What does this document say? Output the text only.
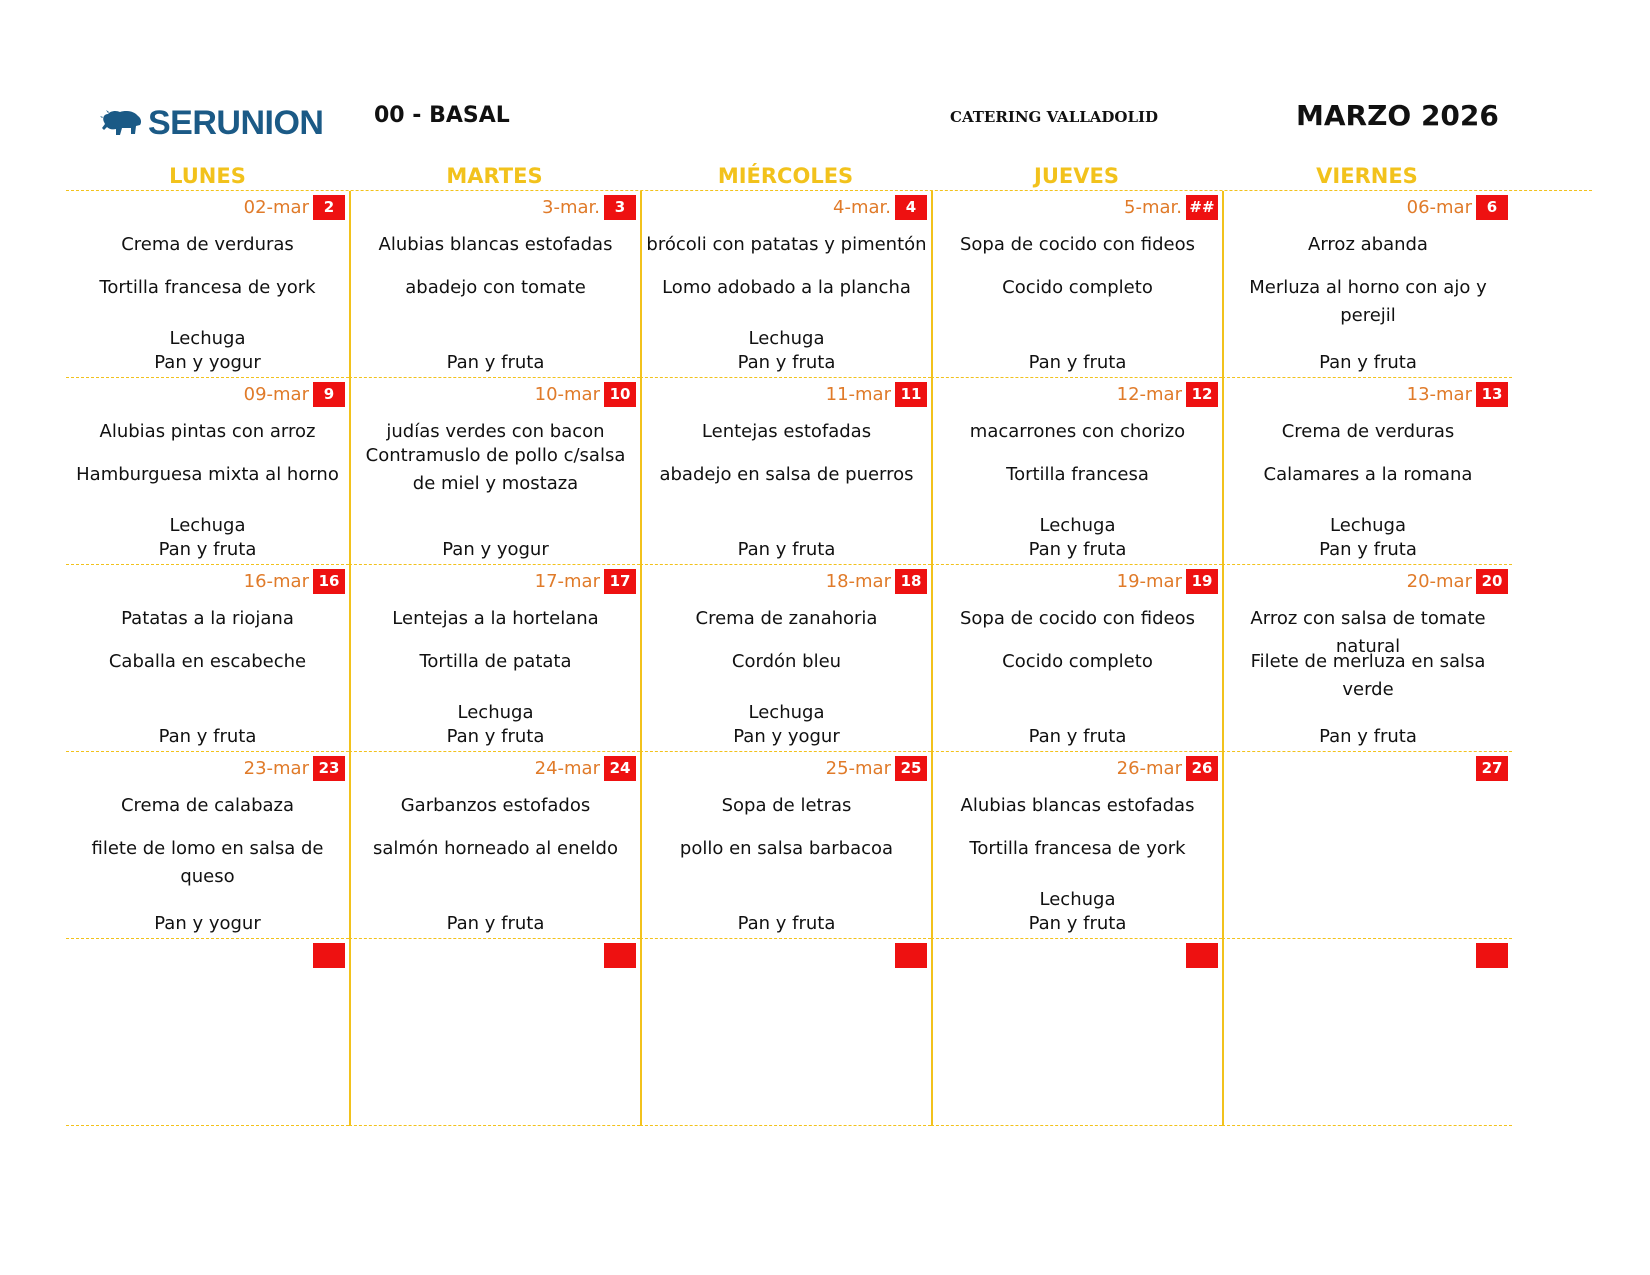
SERUNION 00 - BASAL	CATERING VALLADOLID	MARZO 2026
LUNES	MARTES	MIÉRCOLES	JUEVES	VIERNES
02-mar 2
Crema de verduras
Tortilla francesa de york
Lechuga
Pan y yogur
3-mar. 3
Alubias blancas estofadas
abadejo con tomate
Pan y fruta
4-mar. 4
brócoli con patatas y pimentón
Lomo adobado a la plancha
Lechuga
Pan y fruta
5-mar. ##
Sopa de cocido con fideos
Cocido completo
Pan y fruta
06-mar 6
Arroz abanda
Merluza al horno con ajo y perejil
Pan y fruta
09-mar 9
Alubias pintas con arroz
Hamburguesa mixta al horno
Lechuga
Pan y fruta
10-mar 10
judías verdes con bacon
Contramuslo de pollo c/salsa de miel y mostaza
Pan y yogur
11-mar 11
Lentejas estofadas
abadejo en salsa de puerros
Pan y fruta
12-mar 12
macarrones con chorizo
Tortilla francesa
Lechuga
Pan y fruta
13-mar 13
Crema de verduras
Calamares a la romana
Lechuga
Pan y fruta
16-mar 16
Patatas a la riojana
Caballa en escabeche
Pan y fruta
17-mar 17
Lentejas a la hortelana
Tortilla de patata
Lechuga
Pan y fruta
18-mar 18
Crema de zanahoria
Cordón bleu
Lechuga
Pan y yogur
19-mar 19
Sopa de cocido con fideos
Cocido completo
Pan y fruta
20-mar 20
Arroz con salsa de tomate natural
Filete de merluza en salsa verde
Pan y fruta
23-mar 23
Crema de calabaza
filete de lomo en salsa de queso
Pan y yogur
24-mar 24
Garbanzos estofados
salmón horneado al eneldo
Pan y fruta
25-mar 25
Sopa de letras
pollo en salsa barbacoa
Pan y fruta
26-mar 26
Alubias blancas estofadas
Tortilla francesa de york
Lechuga
Pan y fruta
27
